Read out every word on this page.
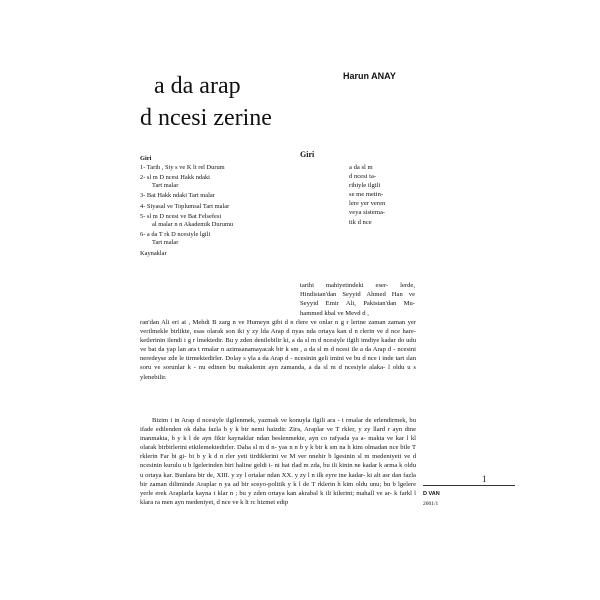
a da arap
d ncesi zerine
Harun ANAY
Giri
1- Tarih , Siy s ve K lt rel Durum
2- sl m D ncesi Hakk ndaki
Tart malar
3- Bat Hakk ndaki Tart malar
4- Siyasal ve Toplumsal Tart malar
5- sl m D ncesi ve Bat Felsefesi
al malar n n Akademik Durumu
6- a da T rk D ncesiyle lgili
Tart malar
Kaynaklar
Giri
a da sl m
d ncesi ta-
rihiyle ilgili
se me metin-
lere yer veren
veya sistema-
tik d nce
tarihi mahiyetindeki eser- lerde, Hindistan'dan Seyyid Ahmed Han ve Seyyid Emir Ali, Pakistan'dan Mu- hammed kbal ve Mevd d ,

ran'dan Ali eri at , Mehdi B zarg n ve Humeyn gibi d n rlere ve onlar n g r lerine zaman zaman yer verilmekle birlikte, esas olarak son iki y zy lda Arap d nyas nda ortaya kan d n rlerin ve d nce hare- ketlerinin ilendi i g r lmektedir. Bu y zden denilebilir ki, a da sl m d ncesiyle ilgili imdiye kadar do udu ve bat da yap lan ara t rmalar n azimsanamayacak bir k sm , a da sl m d ncesi ile a da Arap d - ncesini neredeyse zde le tirmektedirler. Dolay s yla a da Arap d - ncesinin geli imini ve bu d nce i inde tart ılan soru ve sorunlar k - nu edinen bu makalenin ayn zamanda, a da sl m d ncesiyle alaka- l oldu u s ylenebilir.

Bizim i in Arap d ncesiyle ilgilenmek, yazmak ve konuyla ilgili ara - t rmalar de erlendirmek, bu ifade edilenden ok daha fazla b y k bir nemi haizdir. Zira, Araplar ve T rkler, y zy llard r ayn dine inanmakta, b y k l de ayn fikir kaynaklar ndan beslenmekte, ayn co rafyada ya a- makta ve kar l kl olarak birbirlerini etkilemektedirler. Daha sl m d n- yas n n b y k bir k sm na h kim olmadan nce bile T rklerin Far bi gi- bi b y k d n rler yeti tirdiklerini ve M ver nnehir b lgesinin sl m medeniyeti ve d ncesinin kurulu u b lgelerinden biri haline geldi i- ni hat rlad m zda, bu ili kinin ne kadar k arma k oldu u ortaya kar. Bunlara bir de, XIII. y zy l ortalar ndan XX. y zy l n ilk eyre ine kadar- ki alt asr dan fazla bir zaman diliminde Araplar n ya ad bir sosyo-politik y k l de T rklerin h kim oldu unu; bu b lgelere yerle erek Araplarla kayna t klar n ; bu y zden ortaya kan akrabal k ili kilerini; mahall ve ar- k farkl l klara ra men ayn medeniyet, d nce ve k lt rc hizmet edip

1
D VAN
2001/1
